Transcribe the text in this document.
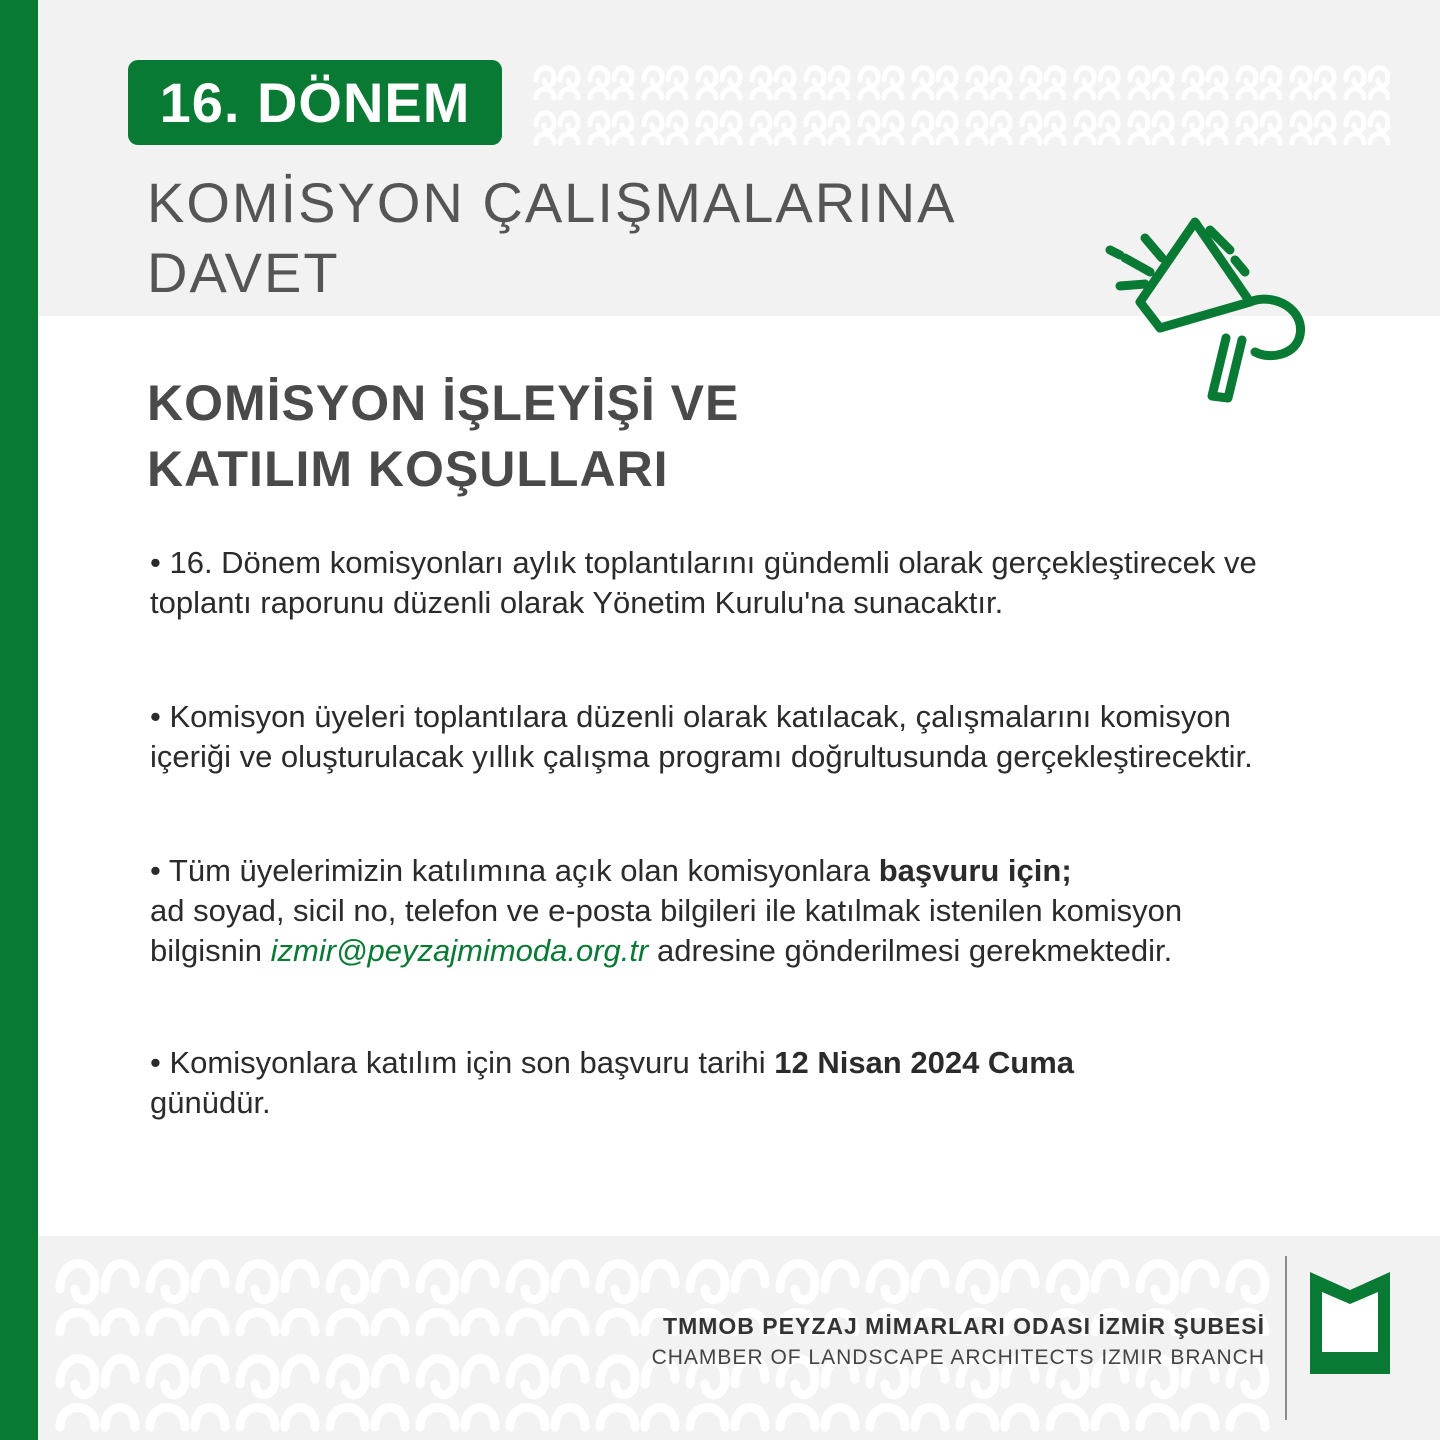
16. DÖNEM
KOMİSYON ÇALIŞMALARINA
DAVET
KOMİSYON İŞLEYİŞİ VE
KATILIM KOŞULLARI
• 16. Dönem komisyonları aylık toplantılarını gündemli olarak gerçekleştirecek ve toplantı raporunu düzenli olarak Yönetim Kurulu'na sunacaktır.
• Komisyon üyeleri toplantılara düzenli olarak katılacak, çalışmalarını komisyon içeriği ve oluşturulacak yıllık çalışma programı doğrultusunda gerçekleştirecektir.
• Tüm üyelerimizin katılımına açık olan komisyonlara başvuru için;
ad soyad, sicil no, telefon ve e-posta bilgileri ile katılmak istenilen komisyon bilgisnin izmir@peyzajmimoda.org.tr adresine gönderilmesi gerekmektedir.
• Komisyonlara katılım için son başvuru tarihi 12 Nisan 2024 Cuma
günüdür.
TMMOB PEYZAJ MİMARLARI ODASI İZMİR ŞUBESİ
CHAMBER OF LANDSCAPE ARCHITECTS IZMIR BRANCH
